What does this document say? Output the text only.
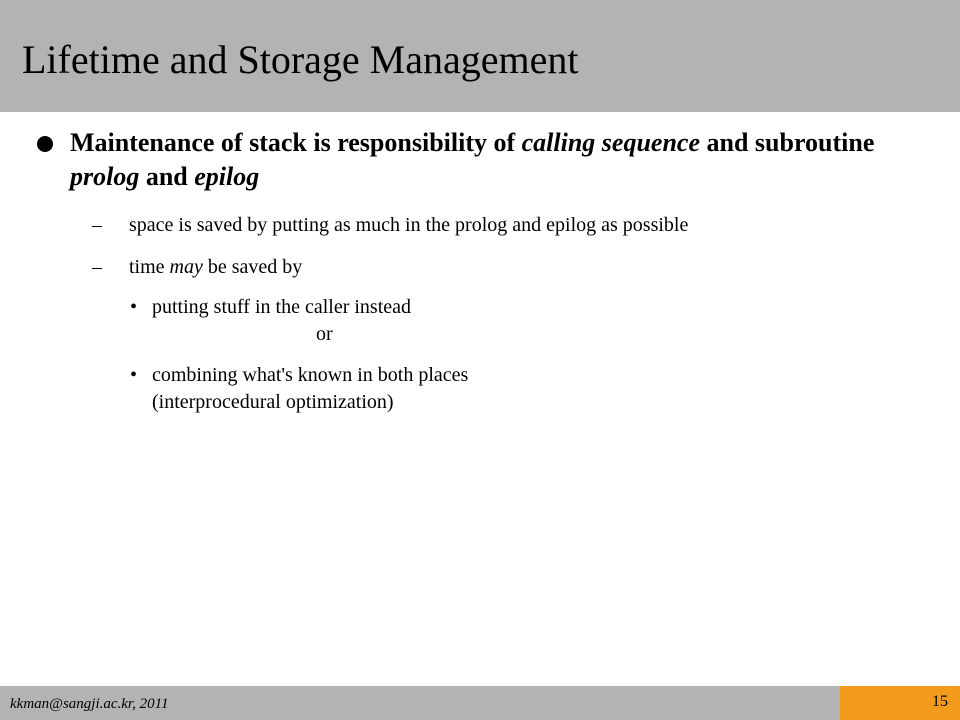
Lifetime and Storage Management
Maintenance of stack is responsibility of calling sequence and subroutine prolog and epilog
– space is saved by putting as much in the prolog and epilog as possible
– time may be saved by
• putting stuff in the caller instead
or
• combining what's known in both places
(interprocedural optimization)
kkman@sangji.ac.kr, 2011	15
